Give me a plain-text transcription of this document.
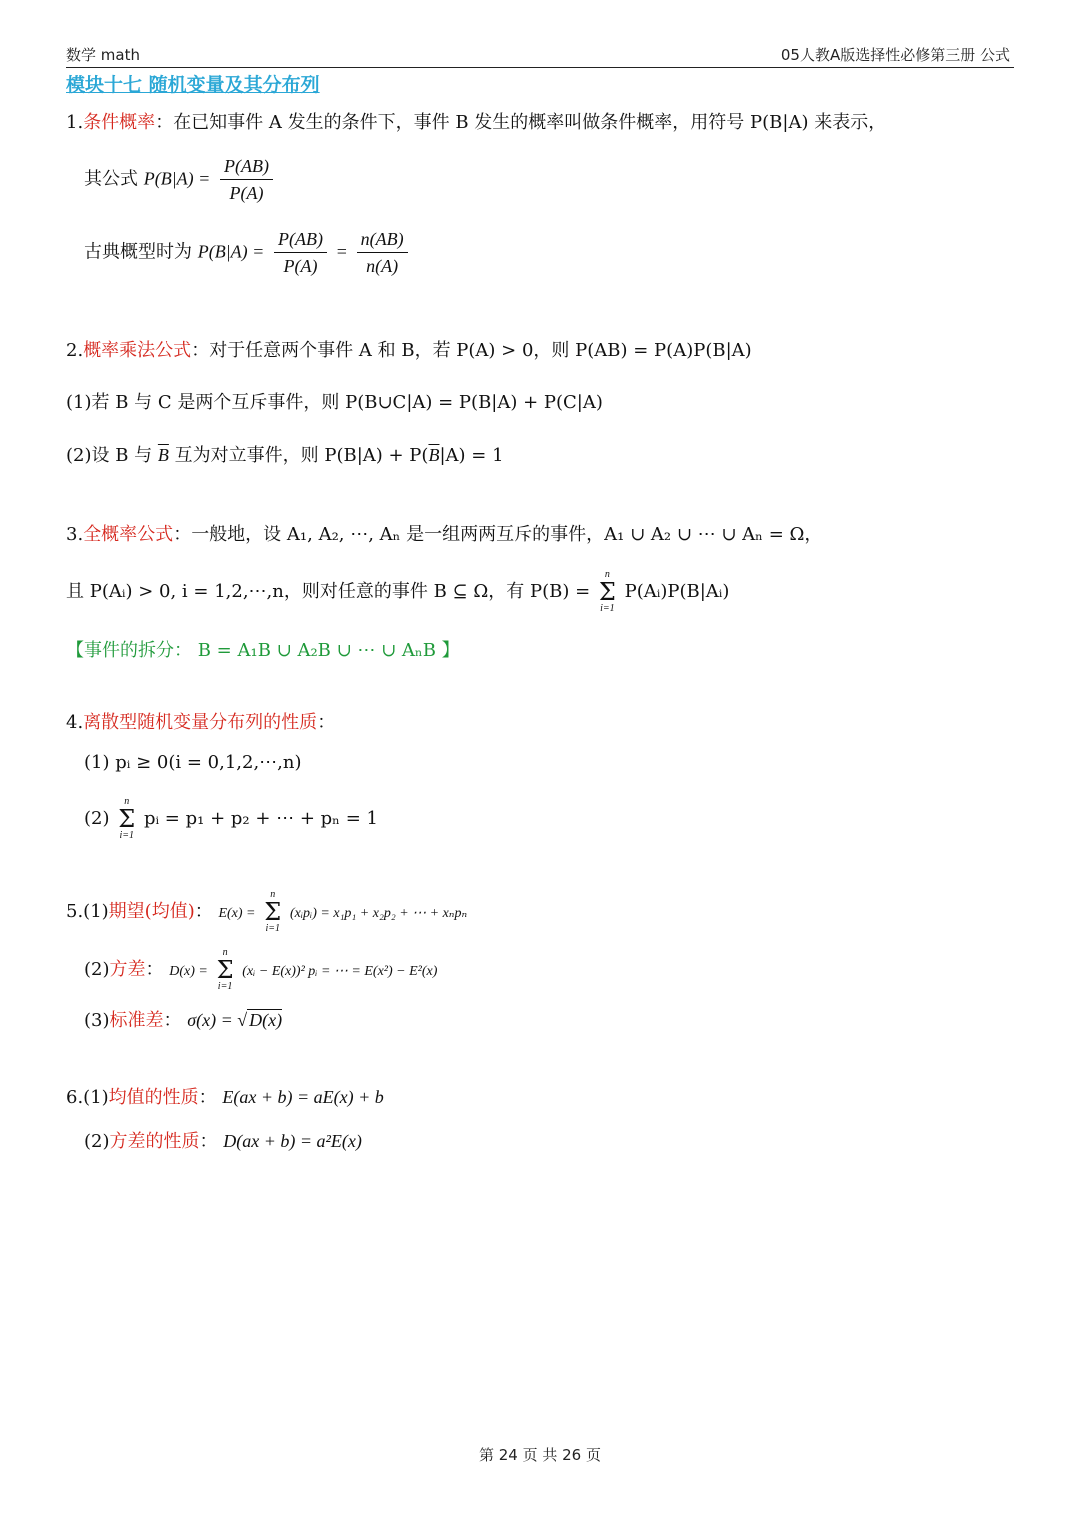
数学 math	05人教A版选择性必修第三册 公式
模块十七 随机变量及其分布列
1.条件概率：在已知事件 A 发生的条件下，事件 B 发生的概率叫做条件概率，用符号 P(B|A) 来表示，
其公式 $P(B|A) = \frac{P(AB)}{P(A)}$
古典概型时为 $P(B|A) = \frac{P(AB)}{P(A)} = \frac{n(AB)}{n(A)}$
2.概率乘法公式：对于任意两个事件 A 和 B，若 P(A) > 0，则 P(AB) = P(A)P(B|A)
(1)若 B 与 C 是两个互斥事件，则 P(B∪C|A) = P(B|A) + P(C|A)
(2)设 B 与 $\overline{B}$ 互为对立事件，则 $P(B|A) + P(\overline{B}|A) = 1$
3.全概率公式：一般地，设 A₁, A₂, ⋯, Aₙ 是一组两两互斥的事件，A₁ ∪ A₂ ∪ ⋯ ∪ Aₙ = Ω，
且 P(Aᵢ) > 0, i = 1,2,⋯,n，则对任意的事件 B ⊆ Ω，有 P(B) =
n
Σ
i=1
P(Aᵢ)P(B|Aᵢ)
【事件的拆分： B = A₁B ∪ A₂B ∪ ⋯ ∪ AₙB 】
4.离散型随机变量分布列的性质：
(1) pᵢ ≥ 0(i = 0,1,2,⋯,n)
(2)
n
Σ
i=1
pᵢ = p₁ + p₂ + ⋯ + pₙ = 1
5.(1)期望(均值)： E(x) =
n
Σ
i=1
(xᵢpᵢ) = x₁p₁ + x₂p₂ + ⋯ + xₙpₙ
(2)方差： D(x) =
n
Σ
i=1
(xᵢ − E(x))² pᵢ = ⋯ = E(x²) − E²(x)
(3)标准差： σ(x) = √ D(x)
6.(1)均值的性质： E(ax + b) = aE(x) + b
(2)方差的性质： D(ax + b) = a²E(x)
第 24 页 共 26 页
